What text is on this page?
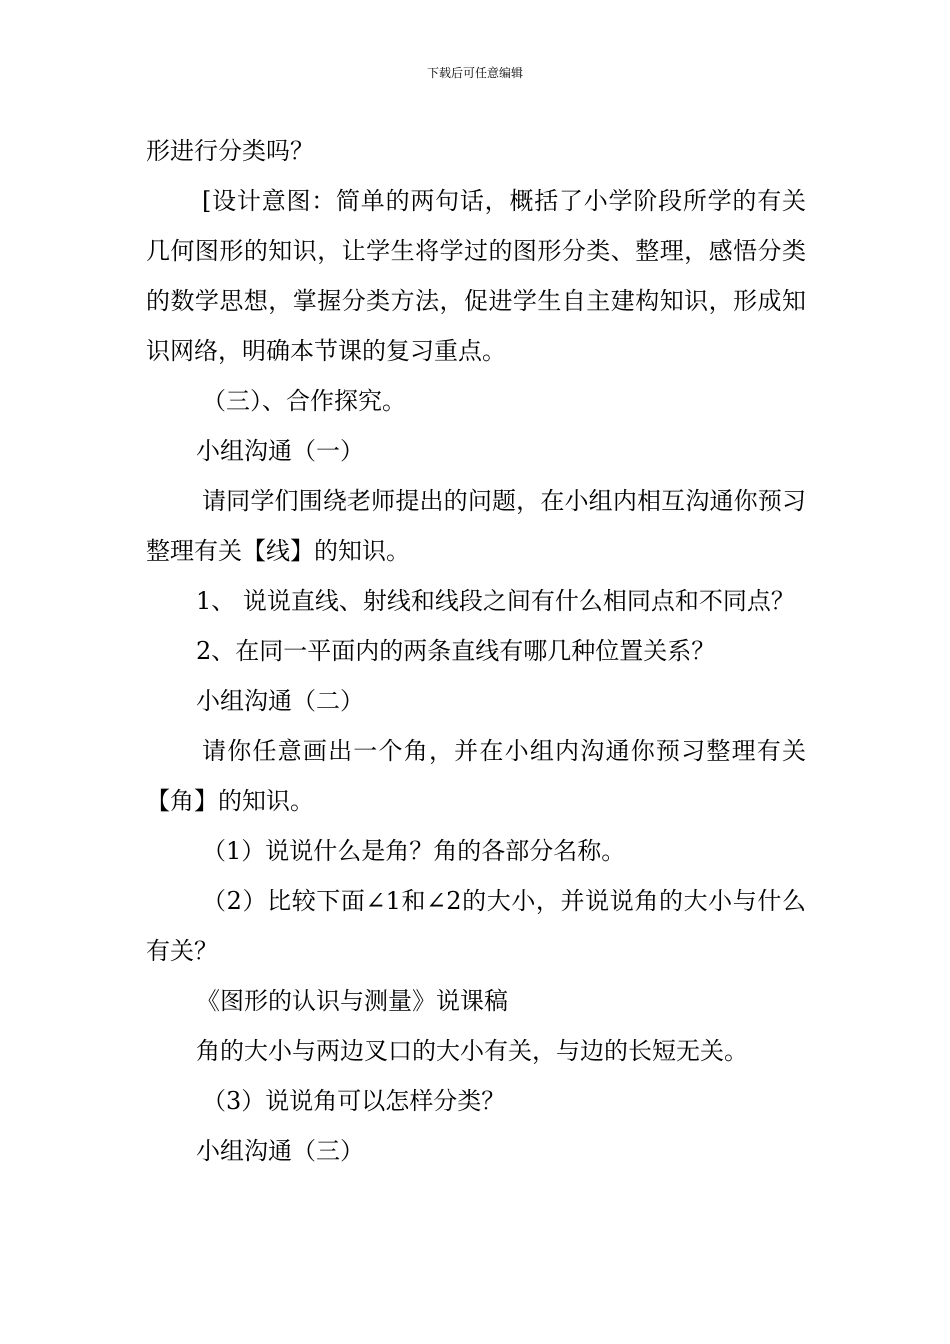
下载后可任意编辑

形进行分类吗？

[设计意图：简单的两句话，概括了小学阶段所学的有关几何图形的知识，让学生将学过的图形分类、整理，感悟分类的数学思想，掌握分类方法，促进学生自主建构知识，形成知识网络，明确本节课的复习重点。

（三）、合作探究。

小组沟通（一）

请同学们围绕老师提出的问题，在小组内相互沟通你预习整理有关【线】的知识。

1、 说说直线、射线和线段之间有什么相同点和不同点？

2、在同一平面内的两条直线有哪几种位置关系？

小组沟通（二）

请你任意画出一个角，并在小组内沟通你预习整理有关【角】的知识。

（1）说说什么是角？角的各部分名称。

（2）比较下面∠1和∠2的大小，并说说角的大小与什么有关？

《图形的认识与测量》说课稿

角的大小与两边叉口的大小有关，与边的长短无关。

（3）说说角可以怎样分类？

小组沟通（三）
